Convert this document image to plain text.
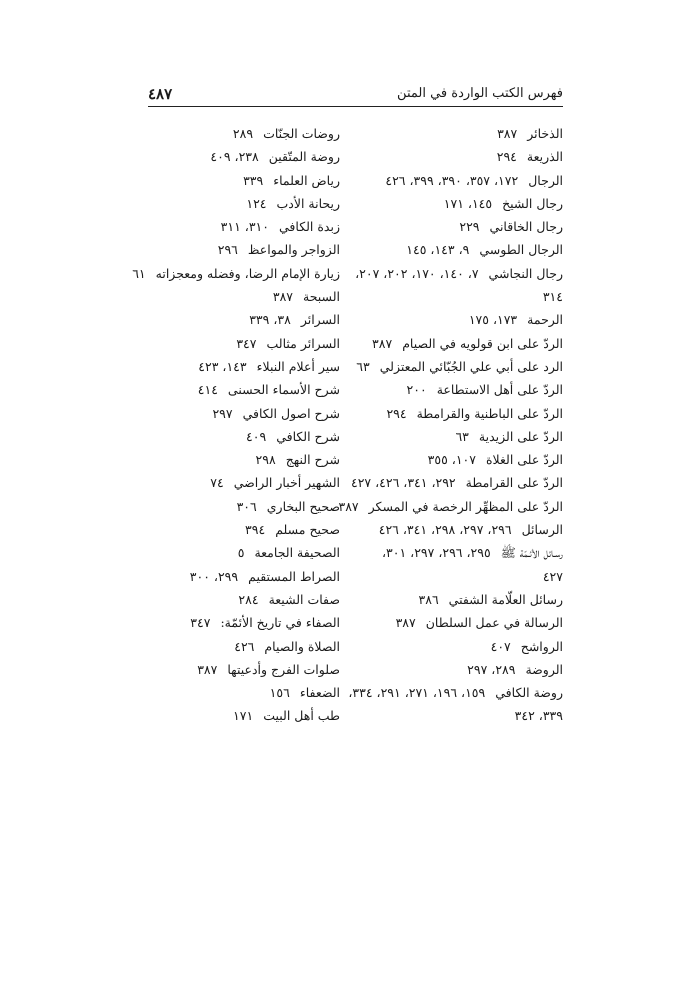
فهرس الكتب الواردة في المتن
٤٨٧
الذخائر٣٨٧
الذريعة٢٩٤
الرجال١٧٢، ٣٥٧، ٣٩٠، ٣٩٩، ٤٢٦
رجال الشيخ١٤٥، ١٧١
رجال الخاقاني٢٢٩
الرجال الطوسي٩، ١٤٣، ١٤٥
رجال النجاشي٧، ١٤٠، ١٧٠، ٢٠٢، ٢٠٧،
٣١٤
الرحمة١٧٣، ١٧٥
الردّ على ابن قولويه في الصيام٣٨٧
الرد على أبي علي الجُبّائي المعتزلي٦٣
الردّ على أهل الاستطاعة٢٠٠
الردّ على الباطنية والقرامطة٢٩٤
الردّ على الزيدية٦٣
الردّ على الغلاة١٠٧، ٣٥٥
الردّ على القرامطة٢٩٢، ٣٤١، ٤٢٦، ٤٢٧
الردّ على المظهِّر الرخصة في المسكر٣٨٧
الرسائل٢٩٦، ٢٩٧، ٢٩٨، ٣٤١، ٤٢٦
رسـائل الأئـمّة ﷺ٢٩٥، ٢٩٦، ٢٩٧، ٣٠١،
٤٢٧
رسائل العلّامة الشفتي٣٨٦
الرسالة في عمل السلطان٣٨٧
الرواشح٤٠٧
الروضة٢٨٩، ٢٩٧
روضة الكافي١٥٩، ١٩٦، ٢٧١، ٢٩١، ٣٣٤،
٣٣٩، ٣٤٢
روضات الجنّات٢٨٩
روضة المتّقين٢٣٨، ٤٠٩
رياض العلماء٣٣٩
ريحانة الأدب١٢٤
زبدة الكافي٣١٠، ٣١١
الزواجر والمواعظ٢٩٦
زيارة الإمام الرضا، وفضله ومعجزاته٦١
السبحة٣٨٧
السرائر٣٨، ٣٣٩
السرائر مثالب٣٤٧
سير أعلام النبلاء١٤٣، ٤٢٣
شرح الأسماء الحسنى٤١٤
شرح اصول الكافي٢٩٧
شرح الكافي٤٠٩
شرح النهج٢٩٨
الشهير أخبار الراضي٧٤
صحيح البخاري٣٠٦
صحيح مسلم٣٩٤
الصحيفة الجامعة٥
الصراط المستقيم٢٩٩، ٣٠٠
صفات الشيعة٢٨٤
الصفاء في تاريخ الأئمّة:٣٤٧
الصلاة والصيام٤٢٦
صلوات الفرج وأدعيتها٣٨٧
الضعفاء١٥٦
طب أهل البيت١٧١
